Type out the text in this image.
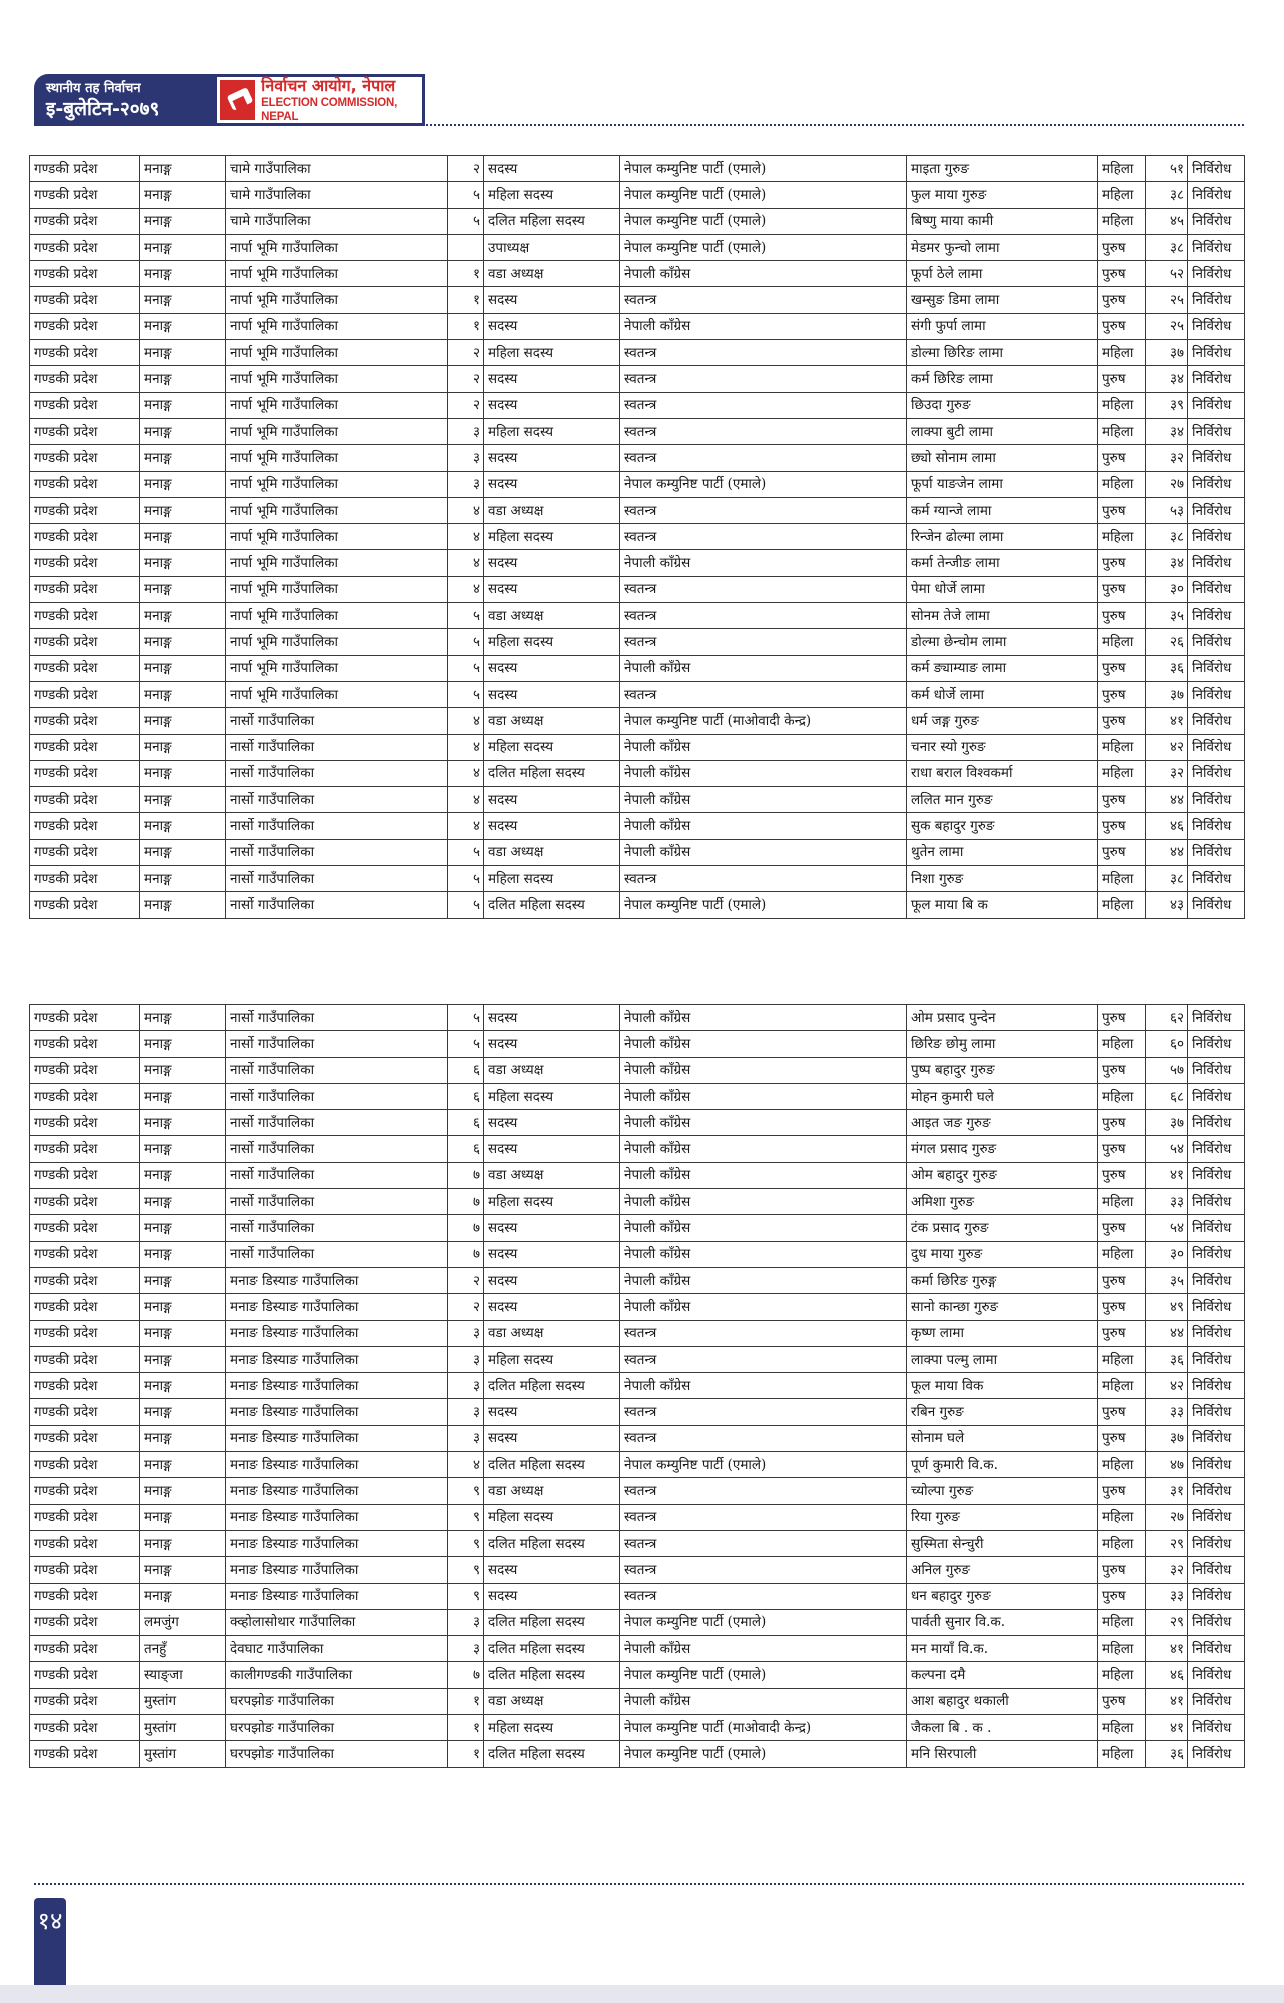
स्थानीय तह निर्वाचन
इ-बुलेटिन-२०७९
निर्वाचन आयोग, नेपाल
ELECTION COMMISSION, NEPAL
गण्डकी प्रदेश	मनाङ्ग	चामे गाउँपालिका	२	सदस्य	नेपाल कम्युनिष्ट पार्टी (एमाले)	माइता गुरुङ	महिला	५१	निर्विरोध
गण्डकी प्रदेश	मनाङ्ग	चामे गाउँपालिका	५	महिला सदस्य	नेपाल कम्युनिष्ट पार्टी (एमाले)	फुल माया गुरुङ	महिला	३८	निर्विरोध
गण्डकी प्रदेश	मनाङ्ग	चामे गाउँपालिका	५	दलित महिला सदस्य	नेपाल कम्युनिष्ट पार्टी (एमाले)	बिष्णु माया कामी	महिला	४५	निर्विरोध
गण्डकी प्रदेश	मनाङ्ग	नार्पा भूमि गाउँपालिका		उपाध्यक्ष	नेपाल कम्युनिष्ट पार्टी (एमाले)	मेडमर फुन्चो लामा	पुरुष	३८	निर्विरोध
गण्डकी प्रदेश	मनाङ्ग	नार्पा भूमि गाउँपालिका	१	वडा अध्यक्ष	नेपाली काँग्रेस	फूर्पा ठेले लामा	पुरुष	५२	निर्विरोध
गण्डकी प्रदेश	मनाङ्ग	नार्पा भूमि गाउँपालिका	१	सदस्य	स्वतन्त्र	खम्सुङ डिमा लामा	पुरुष	२५	निर्विरोध
गण्डकी प्रदेश	मनाङ्ग	नार्पा भूमि गाउँपालिका	१	सदस्य	नेपाली काँग्रेस	संगी फुर्पा लामा	पुरुष	२५	निर्विरोध
गण्डकी प्रदेश	मनाङ्ग	नार्पा भूमि गाउँपालिका	२	महिला सदस्य	स्वतन्त्र	डोल्मा छिरिङ लामा	महिला	३७	निर्विरोध
गण्डकी प्रदेश	मनाङ्ग	नार्पा भूमि गाउँपालिका	२	सदस्य	स्वतन्त्र	कर्म छिरिङ लामा	पुरुष	३४	निर्विरोध
गण्डकी प्रदेश	मनाङ्ग	नार्पा भूमि गाउँपालिका	२	सदस्य	स्वतन्त्र	छिउदा गुरुङ	महिला	३९	निर्विरोध
गण्डकी प्रदेश	मनाङ्ग	नार्पा भूमि गाउँपालिका	३	महिला सदस्य	स्वतन्त्र	लाक्पा बुटी लामा	महिला	३४	निर्विरोध
गण्डकी प्रदेश	मनाङ्ग	नार्पा भूमि गाउँपालिका	३	सदस्य	स्वतन्त्र	छ्यो सोनाम लामा	पुरुष	३२	निर्विरोध
गण्डकी प्रदेश	मनाङ्ग	नार्पा भूमि गाउँपालिका	३	सदस्य	नेपाल कम्युनिष्ट पार्टी (एमाले)	फूर्पा याङजेन लामा	महिला	२७	निर्विरोध
गण्डकी प्रदेश	मनाङ्ग	नार्पा भूमि गाउँपालिका	४	वडा अध्यक्ष	स्वतन्त्र	कर्म ग्यान्जे लामा	पुरुष	५३	निर्विरोध
गण्डकी प्रदेश	मनाङ्ग	नार्पा भूमि गाउँपालिका	४	महिला सदस्य	स्वतन्त्र	रिन्जेन ढोल्मा लामा	महिला	३८	निर्विरोध
गण्डकी प्रदेश	मनाङ्ग	नार्पा भूमि गाउँपालिका	४	सदस्य	नेपाली काँग्रेस	कर्मा तेन्जीङ लामा	पुरुष	३४	निर्विरोध
गण्डकी प्रदेश	मनाङ्ग	नार्पा भूमि गाउँपालिका	४	सदस्य	स्वतन्त्र	पेमा धोर्जे लामा	पुरुष	३०	निर्विरोध
गण्डकी प्रदेश	मनाङ्ग	नार्पा भूमि गाउँपालिका	५	वडा अध्यक्ष	स्वतन्त्र	सोनम तेजे लामा	पुरुष	३५	निर्विरोध
गण्डकी प्रदेश	मनाङ्ग	नार्पा भूमि गाउँपालिका	५	महिला सदस्य	स्वतन्त्र	डोल्मा छेन्चोम लामा	महिला	२६	निर्विरोध
गण्डकी प्रदेश	मनाङ्ग	नार्पा भूमि गाउँपालिका	५	सदस्य	नेपाली काँग्रेस	कर्म ङ्याम्याङ लामा	पुरुष	३६	निर्विरोध
गण्डकी प्रदेश	मनाङ्ग	नार्पा भूमि गाउँपालिका	५	सदस्य	स्वतन्त्र	कर्म धोर्जे लामा	पुरुष	३७	निर्विरोध
गण्डकी प्रदेश	मनाङ्ग	नार्सो गाउँपालिका	४	वडा अध्यक्ष	नेपाल कम्युनिष्ट पार्टी (माओवादी केन्द्र)	धर्म जङ्ग गुरुङ	पुरुष	४१	निर्विरोध
गण्डकी प्रदेश	मनाङ्ग	नार्सो गाउँपालिका	४	महिला सदस्य	नेपाली काँग्रेस	चनार स्यो गुरुङ	महिला	४२	निर्विरोध
गण्डकी प्रदेश	मनाङ्ग	नार्सो गाउँपालिका	४	दलित महिला सदस्य	नेपाली काँग्रेस	राधा बराल विश्वकर्मा	महिला	३२	निर्विरोध
गण्डकी प्रदेश	मनाङ्ग	नार्सो गाउँपालिका	४	सदस्य	नेपाली काँग्रेस	ललित मान गुरुङ	पुरुष	४४	निर्विरोध
गण्डकी प्रदेश	मनाङ्ग	नार्सो गाउँपालिका	४	सदस्य	नेपाली काँग्रेस	सुक बहादुर गुरुङ	पुरुष	४६	निर्विरोध
गण्डकी प्रदेश	मनाङ्ग	नार्सो गाउँपालिका	५	वडा अध्यक्ष	नेपाली काँग्रेस	थुतेन लामा	पुरुष	४४	निर्विरोध
गण्डकी प्रदेश	मनाङ्ग	नार्सो गाउँपालिका	५	महिला सदस्य	स्वतन्त्र	निशा गुरुङ	महिला	३८	निर्विरोध
गण्डकी प्रदेश	मनाङ्ग	नार्सो गाउँपालिका	५	दलित महिला सदस्य	नेपाल कम्युनिष्ट पार्टी (एमाले)	फूल माया बि क	महिला	४३	निर्विरोध
गण्डकी प्रदेश	मनाङ्ग	नार्सो गाउँपालिका	५	सदस्य	नेपाली काँग्रेस	ओम प्रसाद पुन्देन	पुरुष	६२	निर्विरोध
गण्डकी प्रदेश	मनाङ्ग	नार्सो गाउँपालिका	५	सदस्य	नेपाली काँग्रेस	छिरिङ छोमु लामा	महिला	६०	निर्विरोध
गण्डकी प्रदेश	मनाङ्ग	नार्सो गाउँपालिका	६	वडा अध्यक्ष	नेपाली काँग्रेस	पुष्प बहादुर गुरुङ	पुरुष	५७	निर्विरोध
गण्डकी प्रदेश	मनाङ्ग	नार्सो गाउँपालिका	६	महिला सदस्य	नेपाली काँग्रेस	मोहन कुमारी घले	महिला	६८	निर्विरोध
गण्डकी प्रदेश	मनाङ्ग	नार्सो गाउँपालिका	६	सदस्य	नेपाली काँग्रेस	आइत जङ गुरुङ	पुरुष	३७	निर्विरोध
गण्डकी प्रदेश	मनाङ्ग	नार्सो गाउँपालिका	६	सदस्य	नेपाली काँग्रेस	मंगल प्रसाद गुरुङ	पुरुष	५४	निर्विरोध
गण्डकी प्रदेश	मनाङ्ग	नार्सो गाउँपालिका	७	वडा अध्यक्ष	नेपाली काँग्रेस	ओम बहादुर गुरुङ	पुरुष	४१	निर्विरोध
गण्डकी प्रदेश	मनाङ्ग	नार्सो गाउँपालिका	७	महिला सदस्य	नेपाली काँग्रेस	अमिशा गुरुङ	महिला	३३	निर्विरोध
गण्डकी प्रदेश	मनाङ्ग	नार्सो गाउँपालिका	७	सदस्य	नेपाली काँग्रेस	टंक प्रसाद गुरुङ	पुरुष	५४	निर्विरोध
गण्डकी प्रदेश	मनाङ्ग	नार्सो गाउँपालिका	७	सदस्य	नेपाली काँग्रेस	दुध माया गुरुङ	महिला	३०	निर्विरोध
गण्डकी प्रदेश	मनाङ्ग	मनाङ डिस्याङ गाउँपालिका	२	सदस्य	नेपाली काँग्रेस	कर्मा छिरिङ गुरुङ्ग	पुरुष	३५	निर्विरोध
गण्डकी प्रदेश	मनाङ्ग	मनाङ डिस्याङ गाउँपालिका	२	सदस्य	नेपाली काँग्रेस	सानो कान्छा गुरुङ	पुरुष	४९	निर्विरोध
गण्डकी प्रदेश	मनाङ्ग	मनाङ डिस्याङ गाउँपालिका	३	वडा अध्यक्ष	स्वतन्त्र	कृष्ण लामा	पुरुष	४४	निर्विरोध
गण्डकी प्रदेश	मनाङ्ग	मनाङ डिस्याङ गाउँपालिका	३	महिला सदस्य	स्वतन्त्र	लाक्पा पल्मु लामा	महिला	३६	निर्विरोध
गण्डकी प्रदेश	मनाङ्ग	मनाङ डिस्याङ गाउँपालिका	३	दलित महिला सदस्य	नेपाली काँग्रेस	फूल माया विक	महिला	४२	निर्विरोध
गण्डकी प्रदेश	मनाङ्ग	मनाङ डिस्याङ गाउँपालिका	३	सदस्य	स्वतन्त्र	रबिन गुरुङ	पुरुष	३३	निर्विरोध
गण्डकी प्रदेश	मनाङ्ग	मनाङ डिस्याङ गाउँपालिका	३	सदस्य	स्वतन्त्र	सोनाम घले	पुरुष	३७	निर्विरोध
गण्डकी प्रदेश	मनाङ्ग	मनाङ डिस्याङ गाउँपालिका	४	दलित महिला सदस्य	नेपाल कम्युनिष्ट पार्टी (एमाले)	पूर्ण कुमारी वि.क.	महिला	४७	निर्विरोध
गण्डकी प्रदेश	मनाङ्ग	मनाङ डिस्याङ गाउँपालिका	९	वडा अध्यक्ष	स्वतन्त्र	च्योल्पा गुरुङ	पुरुष	३१	निर्विरोध
गण्डकी प्रदेश	मनाङ्ग	मनाङ डिस्याङ गाउँपालिका	९	महिला सदस्य	स्वतन्त्र	रिया गुरुङ	महिला	२७	निर्विरोध
गण्डकी प्रदेश	मनाङ्ग	मनाङ डिस्याङ गाउँपालिका	९	दलित महिला सदस्य	स्वतन्त्र	सुस्मिता सेन्चुरी	महिला	२९	निर्विरोध
गण्डकी प्रदेश	मनाङ्ग	मनाङ डिस्याङ गाउँपालिका	९	सदस्य	स्वतन्त्र	अनिल गुरुङ	पुरुष	३२	निर्विरोध
गण्डकी प्रदेश	मनाङ्ग	मनाङ डिस्याङ गाउँपालिका	९	सदस्य	स्वतन्त्र	धन बहादुर गुरुङ	पुरुष	३३	निर्विरोध
गण्डकी प्रदेश	लमजुंग	क्व्होलासोथार गाउँपालिका	३	दलित महिला सदस्य	नेपाल कम्युनिष्ट पार्टी (एमाले)	पार्वती सुनार वि.क.	महिला	२९	निर्विरोध
गण्डकी प्रदेश	तनहुँ	देवघाट गाउँपालिका	३	दलित महिला सदस्य	नेपाली काँग्रेस	मन मायाँ वि.क.	महिला	४१	निर्विरोध
गण्डकी प्रदेश	स्याङ्जा	कालीगण्डकी गाउँपालिका	७	दलित महिला सदस्य	नेपाल कम्युनिष्ट पार्टी (एमाले)	कल्पना दमै	महिला	४६	निर्विरोध
गण्डकी प्रदेश	मुस्तांग	घरपझोङ गाउँपालिका	१	वडा अध्यक्ष	नेपाली काँग्रेस	आश बहादुर थकाली	पुरुष	४१	निर्विरोध
गण्डकी प्रदेश	मुस्तांग	घरपझोङ गाउँपालिका	१	महिला सदस्य	नेपाल कम्युनिष्ट पार्टी (माओवादी केन्द्र)	जैकला बि . क .	महिला	४१	निर्विरोध
गण्डकी प्रदेश	मुस्तांग	घरपझोङ गाउँपालिका	१	दलित महिला सदस्य	नेपाल कम्युनिष्ट पार्टी (एमाले)	मनि सिरपाली	महिला	३६	निर्विरोध
१४
